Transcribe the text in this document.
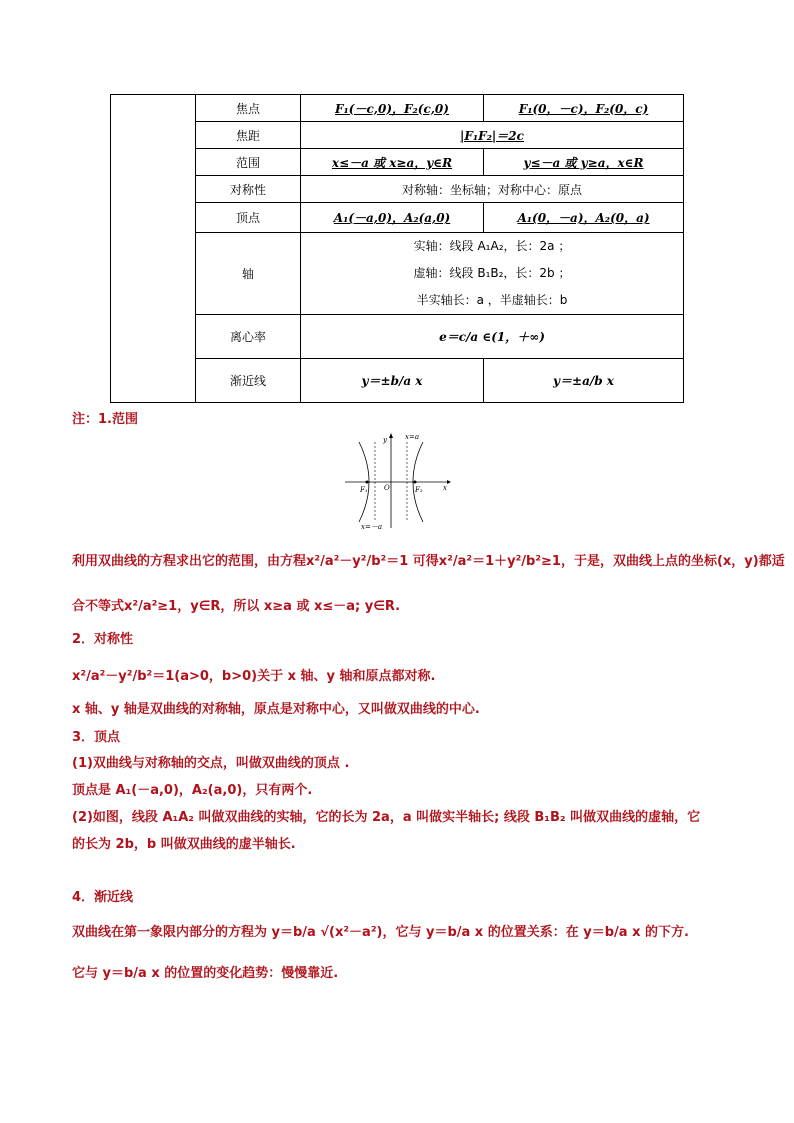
	焦点	F₁(－c,0)，F₂(c,0)	F₁(0，－c)，F₂(0，c)
	焦距	|F₁F₂|＝2c	
	范围	x≤－a 或 x≥a，y∈R	y≤－a 或 y≥a，x∈R
	对称性	对称轴：坐标轴；对称中心：原点	
	顶点	A₁(－a,0)，A₂(a,0)	A₁(0，－a)，A₂(0，a)
	轴	实轴：线段 A₁A₂，长：2a ；
虚轴：线段 B₁B₂，长：2b ；
半实轴长：a ，半虚轴长：b	

	离心率	e＝c/a ∈(1，＋∞)	
	渐近线	y＝±b/a x	y＝±a/b x
注：1.范围
y
x
O
F₁	F₂
x=a
x=－a
利用双曲线的方程求出它的范围，由方程x²/a²－y²/b²＝1 可得x²/a²＝1＋y²/b²≥1，于是，双曲线上点的坐标(x，y)都适
合不等式x²/a²≥1，y∈R，所以 x≥a 或 x≤－a; y∈R.
2．对称性
x²/a²－y²/b²＝1(a>0，b>0)关于 x 轴、y 轴和原点都对称.
x 轴、y 轴是双曲线的对称轴，原点是对称中心，又叫做双曲线的中心.
3．顶点
(1)双曲线与对称轴的交点，叫做双曲线的顶点 .
顶点是 A₁(－a,0)，A₂(a,0)，只有两个.
(2)如图，线段 A₁A₂ 叫做双曲线的实轴，它的长为 2a，a 叫做实半轴长; 线段 B₁B₂ 叫做双曲线的虚轴，它
的长为 2b，b 叫做双曲线的虚半轴长.
4．渐近线
双曲线在第一象限内部分的方程为 y＝b/a √(x²－a²)，它与 y＝b/a x 的位置关系：在 y＝b/a x 的下方.
它与 y＝b/a x 的位置的变化趋势：慢慢靠近.
